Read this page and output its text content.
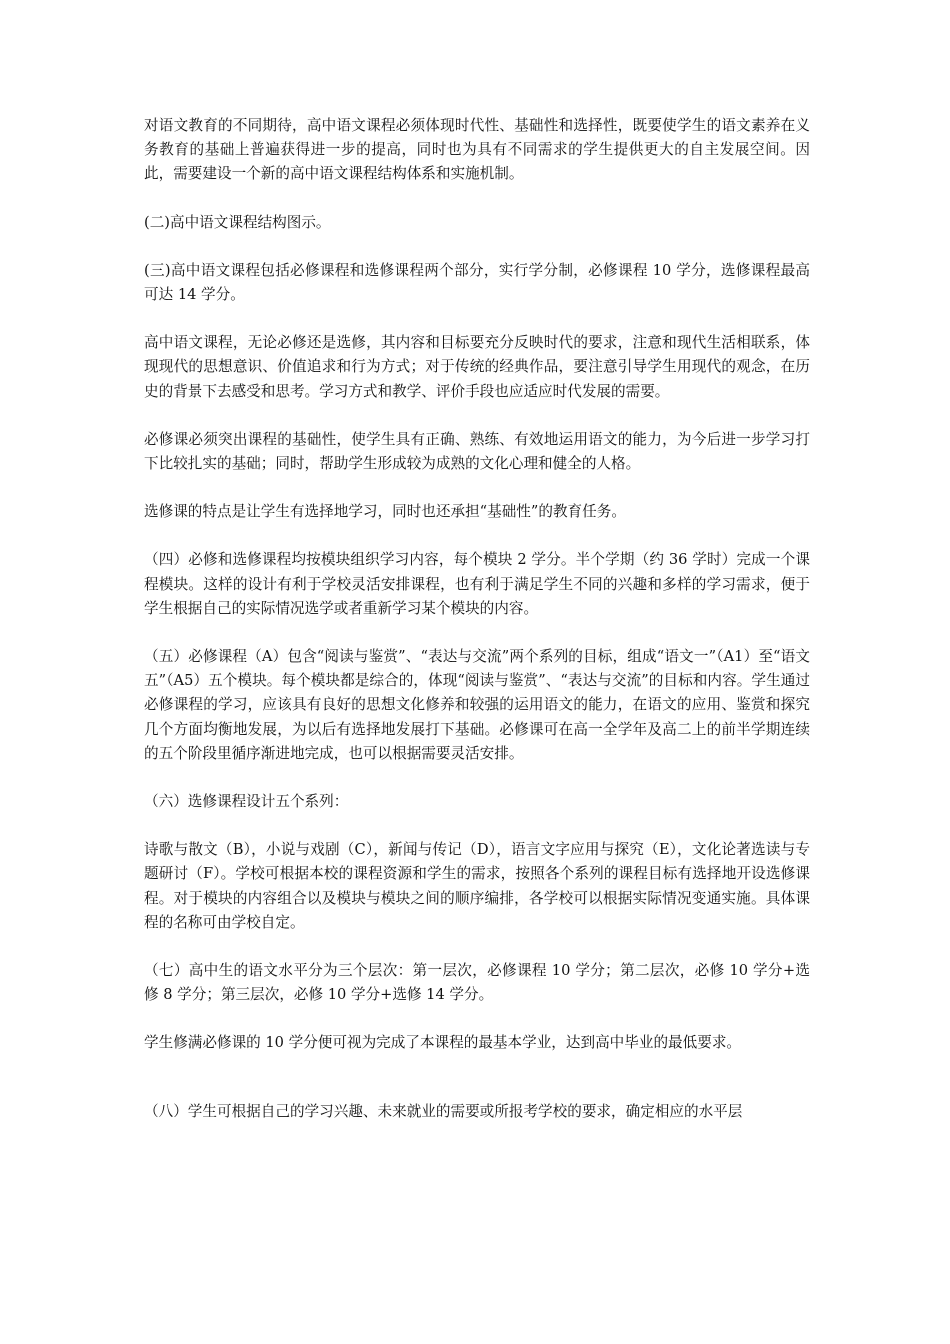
对语文教育的不同期待，高中语文课程必须体现时代性、基础性和选择性，既要使学生的语文素养在义务教育的基础上普遍获得进一步的提高，同时也为具有不同需求的学生提供更大的自主发展空间。因此，需要建设一个新的高中语文课程结构体系和实施机制。

(二)高中语文课程结构图示。

(三)高中语文课程包括必修课程和选修课程两个部分，实行学分制，必修课程 10 学分，选修课程最高可达 14 学分。

高中语文课程，无论必修还是选修，其内容和目标要充分反映时代的要求，注意和现代生活相联系，体现现代的思想意识、价值追求和行为方式；对于传统的经典作品，要注意引导学生用现代的观念，在历史的背景下去感受和思考。学习方式和教学、评价手段也应适应时代发展的需要。

必修课必须突出课程的基础性，使学生具有正确、熟练、有效地运用语文的能力，为今后进一步学习打下比较扎实的基础；同时，帮助学生形成较为成熟的文化心理和健全的人格。

选修课的特点是让学生有选择地学习，同时也还承担“基础性”的教育任务。

（四）必修和选修课程均按模块组织学习内容，每个模块 2 学分。半个学期（约 36 学时）完成一个课程模块。这样的设计有利于学校灵活安排课程，也有利于满足学生不同的兴趣和多样的学习需求，便于学生根据自己的实际情况选学或者重新学习某个模块的内容。

（五）必修课程（A）包含“阅读与鉴赏”、“表达与交流”两个系列的目标，组成“语文一”（A1）至“语文五”（A5）五个模块。每个模块都是综合的，体现“阅读与鉴赏”、“表达与交流”的目标和内容。学生通过必修课程的学习，应该具有良好的思想文化修养和较强的运用语文的能力，在语文的应用、鉴赏和探究几个方面均衡地发展，为以后有选择地发展打下基础。必修课可在高一全学年及高二上的前半学期连续的五个阶段里循序渐进地完成，也可以根据需要灵活安排。

（六）选修课程设计五个系列：

诗歌与散文（B），小说与戏剧（C），新闻与传记（D），语言文字应用与探究（E），文化论著选读与专题研讨（F）。学校可根据本校的课程资源和学生的需求，按照各个系列的课程目标有选择地开设选修课程。对于模块的内容组合以及模块与模块之间的顺序编排，各学校可以根据实际情况变通实施。具体课程的名称可由学校自定。

（七）高中生的语文水平分为三个层次：第一层次，必修课程 10 学分；第二层次，必修 10 学分+选修 8 学分；第三层次，必修 10 学分+选修 14 学分。

学生修满必修课的 10 学分便可视为完成了本课程的最基本学业，达到高中毕业的最低要求。

（八）学生可根据自己的学习兴趣、未来就业的需要或所报考学校的要求，确定相应的水平层
